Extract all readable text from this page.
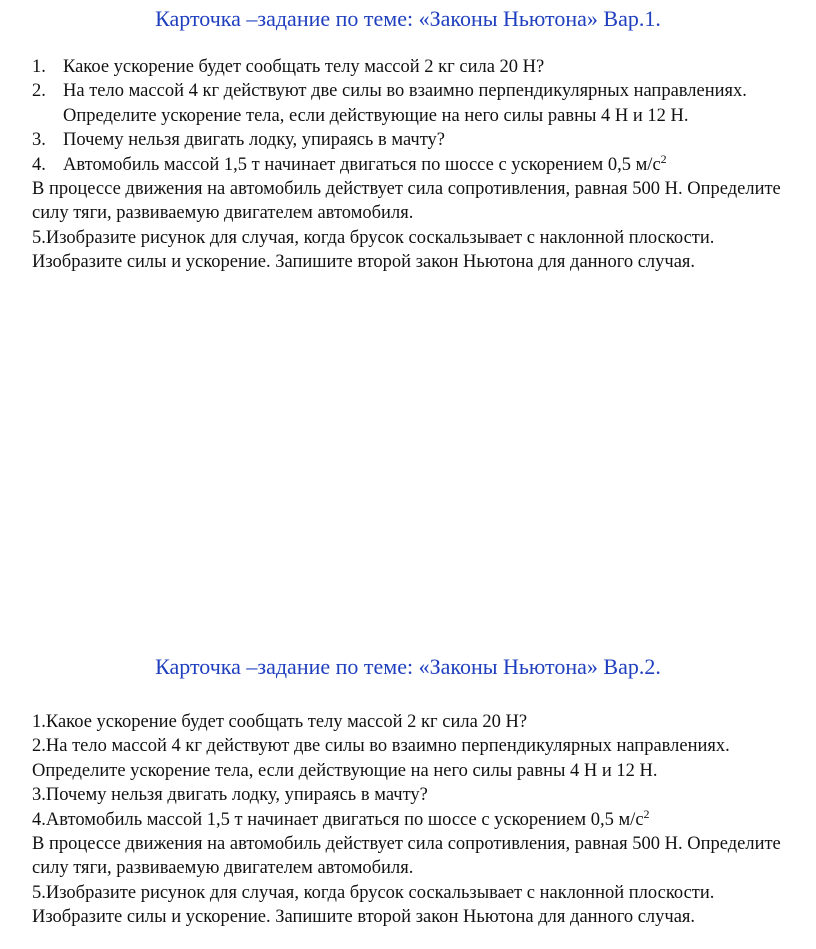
Карточка –задание по теме: «Законы Ньютона» Вар.1.
1. Какое ускорение будет сообщать телу массой 2 кг сила 20 Н?
2. На тело массой 4 кг действуют две силы во взаимно перпендикулярных направлениях. Определите ускорение тела, если действующие на него силы равны 4 Н и 12 Н.
3. Почему нельзя двигать лодку, упираясь в мачту?
4. Автомобиль массой 1,5 т начинает двигаться по шоссе с ускорением 0,5 $м/с^2$
В процессе движения на автомобиль действует сила сопротивления, равная 500 Н. Определите силу тяги, развиваемую двигателем автомобиля.
5.Изобразите рисунок для случая, когда брусок соскальзывает с наклонной плоскости. Изобразите силы и ускорение. Запишите второй закон Ньютона для данного случая.
Карточка –задание по теме: «Законы Ньютона» Вар.2.
1.Какое ускорение будет сообщать телу массой 2 кг сила 20 Н?
2.На тело массой 4 кг действуют две силы во взаимно перпендикулярных направлениях. Определите ускорение тела, если действующие на него силы равны 4 Н и 12 Н.
3.Почему нельзя двигать лодку, упираясь в мачту?
4.Автомобиль массой 1,5 т начинает двигаться по шоссе с ускорением 0,5 $м/с^2$
В процессе движения на автомобиль действует сила сопротивления, равная 500 Н. Определите силу тяги, развиваемую двигателем автомобиля.
5.Изобразите рисунок для случая, когда брусок соскальзывает с наклонной плоскости. Изобразите силы и ускорение. Запишите второй закон Ньютона для данного случая.
